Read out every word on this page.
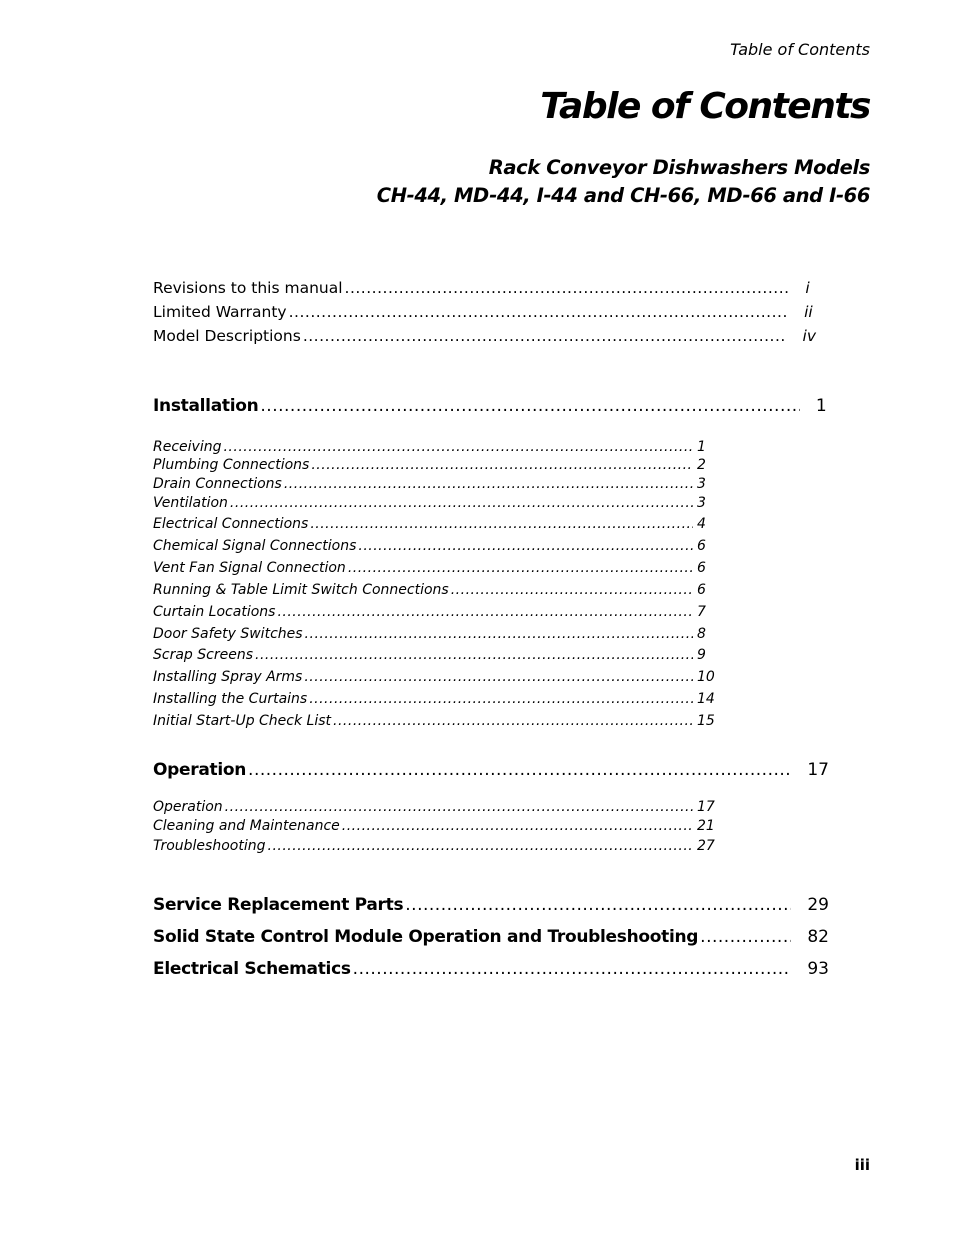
Table of Contents
Table of Contents
Rack Conveyor Dishwashers Models
CH-44, MD-44, I-44 and CH-66, MD-66 and I-66
Revisions to this manual .....	i
Limited Warranty .....	ii
Model Descriptions .....	iv
Installation .....	1
Receiving .....	1
Plumbing Connections .....	2
Drain Connections .....	3
Ventilation .....	3
Electrical Connections .....	4
Chemical Signal Connections .....	6
Vent Fan Signal Connection .....	6
Running & Table Limit Switch Connections .....	6
Curtain Locations .....	7
Door Safety Switches .....	8
Scrap Screens .....	9
Installing Spray Arms .....	10
Installing the Curtains .....	14
Initial Start-Up Check List .....	15
Operation .....	17
Operation .....	17
Cleaning and Maintenance .....	21
Troubleshooting .....	27
Service Replacement Parts .....	29
Solid State Control Module Operation and Troubleshooting .....	82
Electrical Schematics .....	93
iii
